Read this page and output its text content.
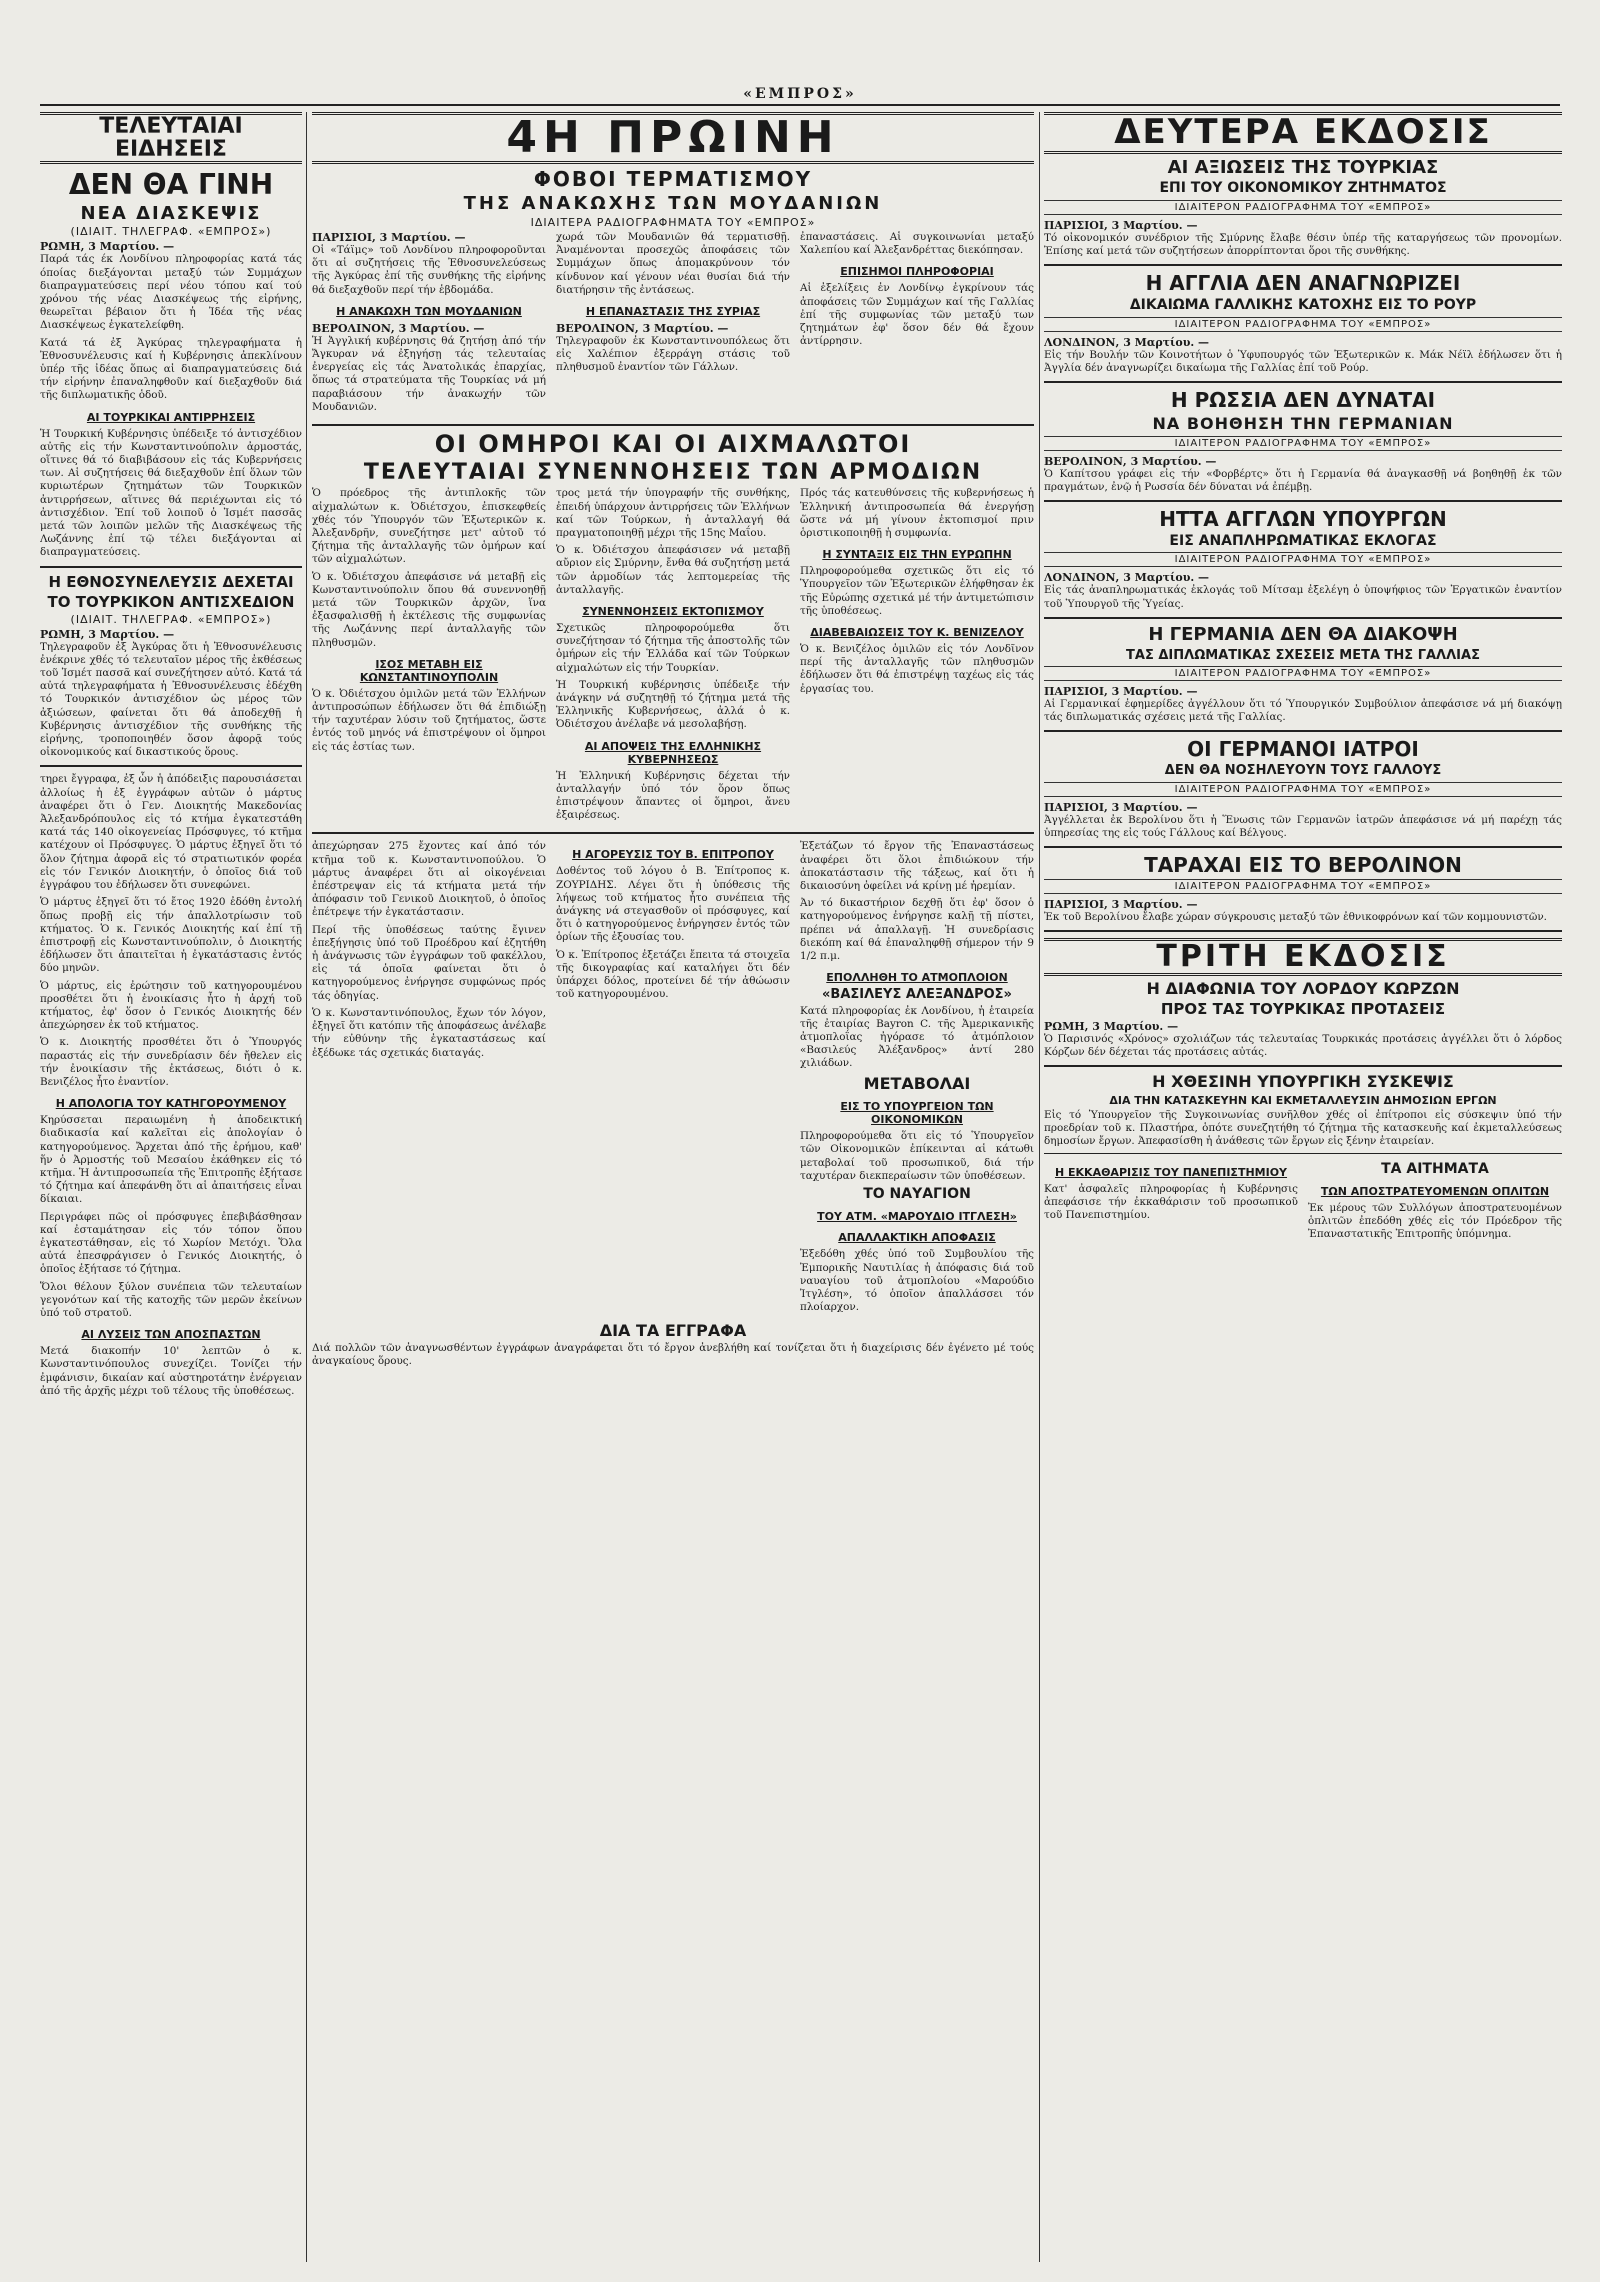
«ΕΜΠΡΟΣ»
ΤΕΛΕΥΤΑΙΑΙ ΕΙΔΗΣΕΙΣ
ΔΕΝ ΘΑ ΓΙΝΗ
ΝΕΑ ΔΙΑΣΚΕΨΙΣ
(ΙΔΙΑΙΤ. ΤΗΛΕΓΡΑΦ. «ΕΜΠΡΟΣ»)
ΡΩΜΗ, 3 Μαρτίου. —

Παρά τάς έκ Λονδίνου πληροφορίας κατά τάς όποίας διεξάγονται μεταξύ τών Συμμάχων διαπραγματεύσεις περί νέου τόπου καί τού χρόνου τής νέας Διασκέψεως τής εἰρήνης, θεωρεῖται βέβαιον ὅτι ἡ Ἰδέα τῆς νέας Διασκέψεως ἐγκατελείφθη.

Κατά τά ἐξ Ἀγκύρας τηλεγραφήματα ἡ Ἐθνοσυνέλευσις καί ἡ Κυβέρνησις ἀπεκλίνουν ὑπέρ τῆς ἰδέας ὅπως αἱ διαπραγματεύσεις διά τήν εἰρήνην ἐπαναληφθοῦν καί διεξαχθοῦν διά τῆς διπλωματικῆς ὁδοῦ.

ΑΙ ΤΟΥΡΚΙΚΑΙ ΑΝΤΙΡΡΗΣΕΙΣ

Ἡ Τουρκική Κυβέρνησις ὑπέδειξε τό ἀντισχέδιον αὐτῆς εἰς τήν Κωνσταντινούπολιν ἀρμοστάς, οἵτινες θά τό διαβιβάσουν εἰς τάς Κυβερνήσεις των. Αἱ συζητήσεις θά διεξαχθοῦν ἐπί ὅλων τῶν κυριωτέρων ζητημάτων τῶν Τουρκικῶν ἀντιρρήσεων, αἵτινες θά περιέχωνται εἰς τό ἀντισχέδιον. Ἐπί τοῦ λοιποῦ ὁ Ἰσμέτ πασσᾶς μετά τῶν λοιπῶν μελῶν τῆς Διασκέψεως τῆς Λωζάννης ἐπί τῷ τέλει διεξάγονται αἱ διαπραγματεύσεις.

Η ΕΘΝΟΣΥΝΕΛΕΥΣΙΣ ΔΕΧΕΤΑΙ
ΤΟ ΤΟΥΡΚΙΚΟΝ ΑΝΤΙΣΧΕΔΙΟΝ
(ΙΔΙΑΙΤ. ΤΗΛΕΓΡΑΦ. «ΕΜΠΡΟΣ»)
ΡΩΜΗ, 3 Μαρτίου. —

Τηλεγραφοῦν ἐξ Ἀγκύρας ὅτι ἡ Ἐθνοσυνέλευσις ἐνέκρινε χθές τό τελευταῖον μέρος τῆς ἐκθέσεως τοῦ Ἰσμέτ πασσᾶ καί συνεζήτησεν αὐτό. Κατά τά αὐτά τηλεγραφήματα ἡ Ἐθνοσυνέλευσις ἐδέχθη τό Τουρκικόν ἀντισχέδιον ὡς μέρος τῶν ἀξιώσεων, φαίνεται ὅτι θά ἀποδεχθῇ ἡ Κυβέρνησις ἀντισχέδιον τῆς συνθήκης τῆς εἰρήνης, τροποποιηθέν ὅσον ἀφορᾷ τούς οἰκονομικούς καί δικαστικούς ὅρους.

τηρει ἔγγραφα, ἐξ ὧν ἡ ἀπόδειξις παρουσιάσεται ἀλλοίως ἡ ἐξ ἐγγράφων αὐτῶν ὁ μάρτυς ἀναφέρει ὅτι ὁ Γεν. Διοικητής Μακεδονίας Ἀλεξανδρόπουλος εἰς τό κτήμα ἐγκατεστάθη κατά τάς 140 οἰκογενείας Πρόσφυγες, τό κτῆμα κατέχουν οἱ Πρόσφυγες. Ὁ μάρτυς ἐξηγεῖ ὅτι τό ὅλον ζήτημα ἀφορᾶ εἰς τό στρατιωτικόν φορέα εἰς τόν Γενικόν Διοικητήν, ὁ ὁποῖος διά τοῦ ἐγγράφου του ἐδήλωσεν ὅτι συνεφώνει.

Ὁ μάρτυς ἐξηγεῖ ὅτι τό ἔτος 1920 ἐδόθη ἐντολή ὅπως προβῇ εἰς τήν ἀπαλλοτρίωσιν τοῦ κτήματος. Ὁ κ. Γενικός Διοικητής καί ἐπί τῇ ἐπιστροφῇ εἰς Κωνσταντινούπολιν, ὁ Διοικητής ἐδήλωσεν ὅτι ἀπαιτεῖται ἡ ἐγκατάστασις ἐντός δύο μηνῶν.

Ὁ μάρτυς, εἰς ἐρώτησιν τοῦ κατηγορουμένου προσθέτει ὅτι ἡ ἐνοικίασις ἦτο ἡ ἀρχή τοῦ κτήματος, ἐφ' ὅσον ὁ Γενικός Διοικητής δέν ἀπεχώρησεν ἐκ τοῦ κτήματος.

Ὁ κ. Διοικητής προσθέτει ὅτι ὁ Ὑπουργός παραστάς εἰς τήν συνεδρίασιν δέν ἤθελεν εἰς τήν ἐνοικίασιν τῆς ἐκτάσεως, διότι ὁ κ. Βενιζέλος ἦτο ἐναντίον.

Η ΑΠΟΛΟΓΙΑ ΤΟΥ ΚΑΤΗΓΟΡΟΥΜΕΝΟΥ

Κηρύσσεται περαιωμένη ἡ ἀποδεικτική διαδικασία καί καλεῖται εἰς ἀπολογίαν ὁ κατηγορούμενος. Ἄρχεται ἀπό τῆς ἐρήμου, καθ' ἥν ὁ Ἀρμοστής τοῦ Μεσαίου ἐκάθηκεν εἰς τό κτῆμα. Ἡ ἀντιπροσωπεία τῆς Ἐπιτροπῆς ἐξήτασε τό ζήτημα καί ἀπεφάνθη ὅτι αἱ ἀπαιτήσεις εἶναι δίκαιαι.

Περιγράφει πῶς οἱ πρόσφυγες ἐπεβιβάσθησαν καί ἐσταμάτησαν εἰς τόν τόπον ὅπου ἐγκατεστάθησαν, εἰς τό Χωρίον Μετόχι. Ὅλα αὐτά ἐπεσφράγισεν ὁ Γενικός Διοικητής, ὁ ὁποῖος ἐξήτασε τό ζήτημα.

Ὅλοι θέλουν ξύλον συνέπεια τῶν τελευταίων γεγονότων καί τῆς κατοχῆς τῶν μερῶν ἐκείνων ὑπό τοῦ στρατοῦ.

ΑΙ ΛΥΣΕΙΣ ΤΩΝ ΑΠΟΣΠΑΣΤΩΝ

Μετά διακοπήν 10' λεπτῶν ὁ κ. Κωνσταντινόπουλος συνεχίζει. Τονίζει τήν ἐμφάνισιν, δικαίαν καί αὐστηροτάτην ἐνέργειαν ἀπό τῆς ἀρχῆς μέχρι τοῦ τέλους τῆς ὑποθέσεως.

4Η ΠΡΩΙΝΗ
ΦΟΒΟΙ ΤΕΡΜΑΤΙΣΜΟΥ
ΤΗΣ ΑΝΑΚΩΧΗΣ ΤΩΝ ΜΟΥΔΑΝΙΩΝ
ΙΔΙΑΙΤΕΡΑ ΡΑΔΙΟΓΡΑΦΗΜΑΤΑ ΤΟΥ «ΕΜΠΡΟΣ»
ΠΑΡΙΣΙΟΙ, 3 Μαρτίου. —

Οἱ «Τάϊμς» τοῦ Λονδίνου πληροφοροῦνται ὅτι αἱ συζητήσεις τῆς Ἐθνοσυνελεύσεως τῆς Ἀγκύρας ἐπί τῆς συνθήκης τῆς εἰρήνης θά διεξαχθοῦν περί τήν ἑβδομάδα.

Η ΑΝΑΚΩΧΗ ΤΩΝ ΜΟΥΔΑΝΙΩΝ
ΒΕΡΟΛΙΝΟΝ, 3 Μαρτίου. —

Ἡ Ἀγγλική κυβέρνησις θά ζητήσῃ ἀπό τήν Ἄγκυραν νά ἐξηγήσῃ τάς τελευταίας ἐνεργείας εἰς τάς Ἀνατολικάς ἐπαρχίας, ὅπως τά στρατεύματα τῆς Τουρκίας νά μή παραβιάσουν τήν ἀνακωχήν τῶν Μουδανιῶν.

χωρά τῶν Μουδανιῶν θά τερματισθῇ. Ἀναμένονται προσεχῶς ἀποφάσεις τῶν Συμμάχων ὅπως ἀπομακρύνουν τόν κίνδυνον καί γένουν νέαι θυσίαι διά τήν διατήρησιν τῆς ἐντάσεως.

Η ΕΠΑΝΑΣΤΑΣΙΣ ΤΗΣ ΣΥΡΙΑΣ
ΒΕΡΟΛΙΝΟΝ, 3 Μαρτίου. —

Τηλεγραφοῦν ἐκ Κωνσταντινουπόλεως ὅτι εἰς Χαλέπιον ἐξερράγη στάσις τοῦ πληθυσμοῦ ἐναντίον τῶν Γάλλων.

ἐπαναστάσεις. Αἱ συγκοινωνίαι μεταξύ Χαλεπίου καί Ἀλεξανδρέττας διεκόπησαν.

ΕΠΙΣΗΜΟΙ ΠΛΗΡΟΦΟΡΙΑΙ

Αἱ ἐξελίξεις ἐν Λονδίνῳ ἐγκρίνουν τάς ἀποφάσεις τῶν Συμμάχων καί τῆς Γαλλίας ἐπί τῆς συμφωνίας τῶν μεταξύ των ζητημάτων ἐφ' ὅσον δέν θά ἔχουν ἀντίρρησιν.

ΟΙ ΟΜΗΡΟΙ ΚΑΙ ΟΙ ΑΙΧΜΑΛΩΤΟΙ
ΤΕΛΕΥΤΑΙΑΙ ΣΥΝΕΝΝΟΗΣΕΙΣ ΤΩΝ ΑΡΜΟΔΙΩΝ

Ὁ πρόεδρος τῆς ἀντιπλοκῆς τῶν αἰχμαλώτων κ. Ὀδιέτσχου, ἐπισκεφθείς χθές τόν Ὑπουργόν τῶν Ἐξωτερικῶν κ. Ἀλεξανδρῆν, συνεζήτησε μετ' αὐτοῦ τό ζήτημα τῆς ἀνταλλαγῆς τῶν ὁμήρων καί τῶν αἰχμαλώτων.

Ὁ κ. Ὀδιέτσχου ἀπεφάσισε νά μεταβῇ εἰς Κωνσταντινούπολιν ὅπου θά συνεννοηθῇ μετά τῶν Τουρκικῶν ἀρχῶν, ἵνα ἐξασφαλισθῇ ἡ ἐκτέλεσις τῆς συμφωνίας τῆς Λωζάννης περί ἀνταλλαγῆς τῶν πληθυσμῶν.

ΙΣΟΣ ΜΕΤΑΒΗ ΕΙΣ ΚΩΝΣΤΑΝΤΙΝΟΥΠΟΛΙΝ

Ὁ κ. Ὀδιέτσχου ὁμιλῶν μετά τῶν Ἑλλήνων ἀντιπροσώπων ἐδήλωσεν ὅτι θά ἐπιδιώξῃ τήν ταχυτέραν λύσιν τοῦ ζητήματος, ὥστε ἐντός τοῦ μηνός νά ἐπιστρέψουν οἱ ὅμηροι εἰς τάς ἑστίας των.

τρος μετά τήν ὑπογραφήν τῆς συνθήκης, ἐπειδή ὑπάρχουν ἀντιρρήσεις τῶν Ἑλλήνων καί τῶν Τούρκων, ἡ ἀνταλλαγή θά πραγματοποιηθῇ μέχρι τῆς 15ης Μαΐου.

Ὁ κ. Ὀδιέτσχου ἀπεφάσισεν νά μεταβῇ αὔριον εἰς Σμύρνην, ἔνθα θά συζητήσῃ μετά τῶν ἀρμοδίων τάς λεπτομερείας τῆς ἀνταλλαγῆς.

ΣΥΝΕΝΝΟΗΣΕΙΣ ΕΚΤΟΠΙΣΜΟΥ

Σχετικῶς πληροφορούμεθα ὅτι συνεζήτησαν τό ζήτημα τῆς ἀποστολῆς τῶν ὁμήρων εἰς τήν Ἑλλάδα καί τῶν Τούρκων αἰχμαλώτων εἰς τήν Τουρκίαν.

Ἡ Τουρκική κυβέρνησις ὑπέδειξε τήν ἀνάγκην νά συζητηθῇ τό ζήτημα μετά τῆς Ἑλληνικῆς Κυβερνήσεως, ἀλλά ὁ κ. Ὀδιέτσχου ἀνέλαβε νά μεσολαβήσῃ.

ΑΙ ΑΠΟΨΕΙΣ ΤΗΣ ΕΛΛΗΝΙΚΗΣ ΚΥΒΕΡΝΗΣΕΩΣ

Ἡ Ἑλληνική Κυβέρνησις δέχεται τήν ἀνταλλαγήν ὑπό τόν ὅρον ὅπως ἐπιστρέψουν ἅπαντες οἱ ὅμηροι, ἄνευ ἐξαιρέσεως.

Πρός τάς κατευθύνσεις τῆς κυβερνήσεως ἡ Ἑλληνική ἀντιπροσωπεία θά ἐνεργήσῃ ὥστε νά μή γίνουν ἐκτοπισμοί πριν ὁριστικοποιηθῇ ἡ συμφωνία.

Η ΣΥΝΤΑΞΙΣ ΕΙΣ ΤΗΝ ΕΥΡΩΠΗΝ

Πληροφορούμεθα σχετικῶς ὅτι εἰς τό Ὑπουργεῖον τῶν Ἐξωτερικῶν ἐλήφθησαν ἐκ τῆς Εὐρώπης σχετικά μέ τήν ἀντιμετώπισιν τῆς ὑποθέσεως.

ΔΙΑΒΕΒΑΙΩΣΕΙΣ ΤΟΥ Κ. ΒΕΝΙΖΕΛΟΥ

Ὁ κ. Βενιζέλος ὁμιλῶν εἰς τόν Λονδῖνον περί τῆς ἀνταλλαγῆς τῶν πληθυσμῶν ἐδήλωσεν ὅτι θά ἐπιστρέψῃ ταχέως εἰς τάς ἐργασίας του.

ἀπεχώρησαν 275 ἔχοντες καί ἀπό τόν κτῆμα τοῦ κ. Κωνσταντινοπούλου. Ὁ μάρτυς ἀναφέρει ὅτι αἱ οἰκογένειαι ἐπέστρεψαν εἰς τά κτήματα μετά τήν ἀπόφασιν τοῦ Γενικοῦ Διοικητοῦ, ὁ ὁποῖος ἐπέτρεψε τήν ἐγκατάστασιν.

Περί τῆς ὑποθέσεως ταύτης ἔγινεν ἐπεξήγησις ὑπό τοῦ Προέδρου καί ἐζητήθη ἡ ἀνάγνωσις τῶν ἐγγράφων τοῦ φακέλλου, εἰς τά ὁποῖα φαίνεται ὅτι ὁ κατηγορούμενος ἐνήργησε συμφώνως πρός τάς ὁδηγίας.

Ὁ κ. Κωνσταντινόπουλος, ἔχων τόν λόγον, ἐξηγεῖ ὅτι κατόπιν τῆς ἀποφάσεως ἀνέλαβε τήν εὐθύνην τῆς ἐγκαταστάσεως καί ἐξέδωκε τάς σχετικάς διαταγάς.

Η ΑΓΟΡΕΥΣΙΣ ΤΟΥ Β. ΕΠΙΤΡΟΠΟΥ

Δοθέντος τοῦ λόγου ὁ Β. Ἐπίτροπος κ. ΖΟΥΡΙΔΗΣ. Λέγει ὅτι ἡ ὑπόθεσις τῆς λήψεως τοῦ κτήματος ἦτο συνέπεια τῆς ἀνάγκης νά στεγασθοῦν οἱ πρόσφυγες, καί ὅτι ὁ κατηγορούμενος ἐνήργησεν ἐντός τῶν ὁρίων τῆς ἐξουσίας του.

Ὁ κ. Ἐπίτροπος ἐξετάζει ἔπειτα τά στοιχεῖα τῆς δικογραφίας καί καταλήγει ὅτι δέν ὑπάρχει δόλος, προτείνει δέ τήν ἀθώωσιν τοῦ κατηγορουμένου.

Ἐξετάζων τό ἔργον τῆς Ἐπαναστάσεως ἀναφέρει ὅτι ὅλοι ἐπιδιώκουν τήν ἀποκατάστασιν τῆς τάξεως, καί ὅτι ἡ δικαιοσύνη ὀφείλει νά κρίνῃ μέ ἠρεμίαν.

Ἀν τό δικαστήριον δεχθῇ ὅτι ἐφ' ὅσον ὁ κατηγορούμενος ἐνήργησε καλῇ τῇ πίστει, πρέπει νά ἀπαλλαγῇ. Ἡ συνεδρίασις διεκόπη καί θά ἐπαναληφθῇ σήμερον τήν 9 1/2 π.μ.

ΕΠΟΛΛΗΘΗ ΤΟ ΑΤΜΟΠΛΟΙΟΝ
«ΒΑΣΙΛΕΥΣ ΑΛΕΞΑΝΔΡΟΣ»

Κατά πληροφορίας ἐκ Λονδίνου, ἡ ἑταιρεία τῆς ἐταιρίας Bayron C. τῆς Ἀμερικανικῆς ἀτμοπλοΐας ἠγόρασε τό ἀτμόπλοιον «Βασιλεύς Ἀλέξανδρος» ἀντί 280 χιλιάδων.

ΜΕΤΑΒΟΛΑΙ
ΕΙΣ ΤΟ ΥΠΟΥΡΓΕΙΟΝ ΤΩΝ ΟΙΚΟΝΟΜΙΚΩΝ

Πληροφορούμεθα ὅτι εἰς τό Ὑπουργεῖον τῶν Οἰκονομικῶν ἐπίκεινται αἱ κάτωθι μεταβολαί τοῦ προσωπικοῦ, διά τήν ταχυτέραν διεκπεραίωσιν τῶν ὑποθέσεων.

ΤΟ ΝΑΥΑΓΙΟΝ
ΤΟΥ ΑΤΜ. «ΜΑΡΟΥΔΙΟ ΙΤΓΛΕΣΗ»
ΑΠΑΛΛΑΚΤΙΚΗ ΑΠΟΦΑΣΙΣ

Ἐξεδόθη χθές ὑπό τοῦ Συμβουλίου τῆς Ἐμπορικῆς Ναυτιλίας ἡ ἀπόφασις διά τοῦ ναυαγίου τοῦ ἀτμοπλοίου «Μαρούδιο Ἰτγλέση», τό ὁποῖον ἀπαλλάσσει τόν πλοίαρχον.

ΔΙΑ ΤΑ ΕΓΓΡΑΦΑ

Διά πολλῶν τῶν ἀναγνωσθέντων ἐγγράφων ἀναγράφεται ὅτι τό ἔργον ἀνεβλήθη καί τονίζεται ὅτι ἡ διαχείρισις δέν ἐγένετο μέ τούς ἀναγκαίους ὅρους.

ΔΕΥΤΕΡΑ ΕΚΔΟΣΙΣ
ΑΙ ΑΞΙΩΣΕΙΣ ΤΗΣ ΤΟΥΡΚΙΑΣ
ΕΠΙ ΤΟΥ ΟΙΚΟΝΟΜΙΚΟΥ ΖΗΤΗΜΑΤΟΣ
ΙΔΙΑΙΤΕΡΟΝ ΡΑΔΙΟΓΡΑΦΗΜΑ ΤΟΥ «ΕΜΠΡΟΣ»
ΠΑΡΙΣΙΟΙ, 3 Μαρτίου. —

Τό οἰκονομικόν συνέδριον τῆς Σμύρνης ἔλαβε θέσιν ὑπέρ τῆς καταργήσεως τῶν προνομίων. Ἐπίσης καί μετά τῶν συζητήσεων ἀπορρίπτονται ὅροι τῆς συνθήκης.

Η ΑΓΓΛΙΑ ΔΕΝ ΑΝΑΓΝΩΡΙΖΕΙ
ΔΙΚΑΙΩΜΑ ΓΑΛΛΙΚΗΣ ΚΑΤΟΧΗΣ ΕΙΣ ΤΟ ΡΟΥΡ
ΙΔΙΑΙΤΕΡΟΝ ΡΑΔΙΟΓΡΑΦΗΜΑ ΤΟΥ «ΕΜΠΡΟΣ»
ΛΟΝΔΙΝΟΝ, 3 Μαρτίου. —

Εἰς τήν Βουλήν τῶν Κοινοτήτων ὁ Ὑφυπουργός τῶν Ἐξωτερικῶν κ. Μάκ Νέϊλ ἐδήλωσεν ὅτι ἡ Ἀγγλία δέν ἀναγνωρίζει δικαίωμα τῆς Γαλλίας ἐπί τοῦ Ρούρ.

Η ΡΩΣΣΙΑ ΔΕΝ ΔΥΝΑΤΑΙ
ΝΑ ΒΟΗΘΗΣΗ ΤΗΝ ΓΕΡΜΑΝΙΑΝ
ΙΔΙΑΙΤΕΡΟΝ ΡΑΔΙΟΓΡΑΦΗΜΑ ΤΟΥ «ΕΜΠΡΟΣ»
ΒΕΡΟΛΙΝΟΝ, 3 Μαρτίου. —

Ὁ Καπίτσου γράφει εἰς τήν «Φορβέρτς» ὅτι ἡ Γερμανία θά ἀναγκασθῇ νά βοηθηθῇ ἐκ τῶν πραγμάτων, ἐνῷ ἡ Ρωσσία δέν δύναται νά ἐπέμβῃ.

ΗΤΤΑ ΑΓΓΛΩΝ ΥΠΟΥΡΓΩΝ
ΕΙΣ ΑΝΑΠΛΗΡΩΜΑΤΙΚΑΣ ΕΚΛΟΓΑΣ
ΙΔΙΑΙΤΕΡΟΝ ΡΑΔΙΟΓΡΑΦΗΜΑ ΤΟΥ «ΕΜΠΡΟΣ»
ΛΟΝΔΙΝΟΝ, 3 Μαρτίου. —

Εἰς τάς ἀναπληρωματικάς ἐκλογάς τοῦ Μίτσαμ ἐξελέγη ὁ ὑποψήφιος τῶν Ἐργατικῶν ἐναντίον τοῦ Ὑπουργοῦ τῆς Ὑγείας.

Η ΓΕΡΜΑΝΙΑ ΔΕΝ ΘΑ ΔΙΑΚΟΨΗ
ΤΑΣ ΔΙΠΛΩΜΑΤΙΚΑΣ ΣΧΕΣΕΙΣ ΜΕΤΑ ΤΗΣ ΓΑΛΛΙΑΣ
ΙΔΙΑΙΤΕΡΟΝ ΡΑΔΙΟΓΡΑΦΗΜΑ ΤΟΥ «ΕΜΠΡΟΣ»
ΠΑΡΙΣΙΟΙ, 3 Μαρτίου. —

Αἱ Γερμανικαί ἐφημερίδες ἀγγέλλουν ὅτι τό Ὑπουργικόν Συμβούλιον ἀπεφάσισε νά μή διακόψῃ τάς διπλωματικάς σχέσεις μετά τῆς Γαλλίας.

ΟΙ ΓΕΡΜΑΝΟΙ ΙΑΤΡΟΙ
ΔΕΝ ΘΑ ΝΟΣΗΛΕΥΟΥΝ ΤΟΥΣ ΓΑΛΛΟΥΣ
ΙΔΙΑΙΤΕΡΟΝ ΡΑΔΙΟΓΡΑΦΗΜΑ ΤΟΥ «ΕΜΠΡΟΣ»
ΠΑΡΙΣΙΟΙ, 3 Μαρτίου. —

Ἀγγέλλεται ἐκ Βερολίνου ὅτι ἡ Ἕνωσις τῶν Γερμανῶν ἰατρῶν ἀπεφάσισε νά μή παρέχῃ τάς ὑπηρεσίας της εἰς τούς Γάλλους καί Βέλγους.

ΤΑΡΑΧΑΙ ΕΙΣ ΤΟ ΒΕΡΟΛΙΝΟΝ
ΙΔΙΑΙΤΕΡΟΝ ΡΑΔΙΟΓΡΑΦΗΜΑ ΤΟΥ «ΕΜΠΡΟΣ»
ΠΑΡΙΣΙΟΙ, 3 Μαρτίου. —

Ἐκ τοῦ Βερολίνου ἔλαβε χώραν σύγκρουσις μεταξύ τῶν ἐθνικοφρόνων καί τῶν κομμουνιστῶν.

ΤΡΙΤΗ ΕΚΔΟΣΙΣ
Η ΔΙΑΦΩΝΙΑ ΤΟΥ ΛΟΡΔΟΥ ΚΩΡΖΩΝ
ΠΡΟΣ ΤΑΣ ΤΟΥΡΚΙΚΑΣ ΠΡΟΤΑΣΕΙΣ
ΡΩΜΗ, 3 Μαρτίου. —

Ὁ Παρισινός «Χρόνος» σχολιάζων τάς τελευταίας Τουρκικάς προτάσεις ἀγγέλλει ὅτι ὁ λόρδος Κόρζων δέν δέχεται τάς προτάσεις αὐτάς.

Η ΧΘΕΣΙΝΗ ΥΠΟΥΡΓΙΚΗ ΣΥΣΚΕΨΙΣ
ΔΙΑ ΤΗΝ ΚΑΤΑΣΚΕΥΗΝ ΚΑΙ ΕΚΜΕΤΑΛΛΕΥΣΙΝ ΔΗΜΟΣΙΩΝ ΕΡΓΩΝ

Εἰς τό Ὑπουργεῖον τῆς Συγκοινωνίας συνῆλθον χθές οἱ ἐπίτροποι εἰς σύσκεψιν ὑπό τήν προεδρίαν τοῦ κ. Πλαστήρα, ὁπότε συνεζητήθη τό ζήτημα τῆς κατασκευῆς καί ἐκμεταλλεύσεως δημοσίων ἔργων. Ἀπεφασίσθη ἡ ἀνάθεσις τῶν ἔργων εἰς ξένην ἑταιρείαν.

Η ΕΚΚΑΘΑΡΙΣΙΣ ΤΟΥ ΠΑΝΕΠΙΣΤΗΜΙΟΥ

Κατ' ἀσφαλεῖς πληροφορίας ἡ Κυβέρνησις ἀπεφάσισε τήν ἐκκαθάρισιν τοῦ προσωπικοῦ τοῦ Πανεπιστημίου.

ΤΑ ΑΙΤΗΜΑΤΑ
ΤΩΝ ΑΠΟΣΤΡΑΤΕΥΟΜΕΝΩΝ ΟΠΛΙΤΩΝ

Ἐκ μέρους τῶν Συλλόγων ἀποστρατευομένων ὁπλιτῶν ἐπεδόθη χθές εἰς τόν Πρόεδρον τῆς Ἐπαναστατικῆς Ἐπιτροπῆς ὑπόμνημα.
